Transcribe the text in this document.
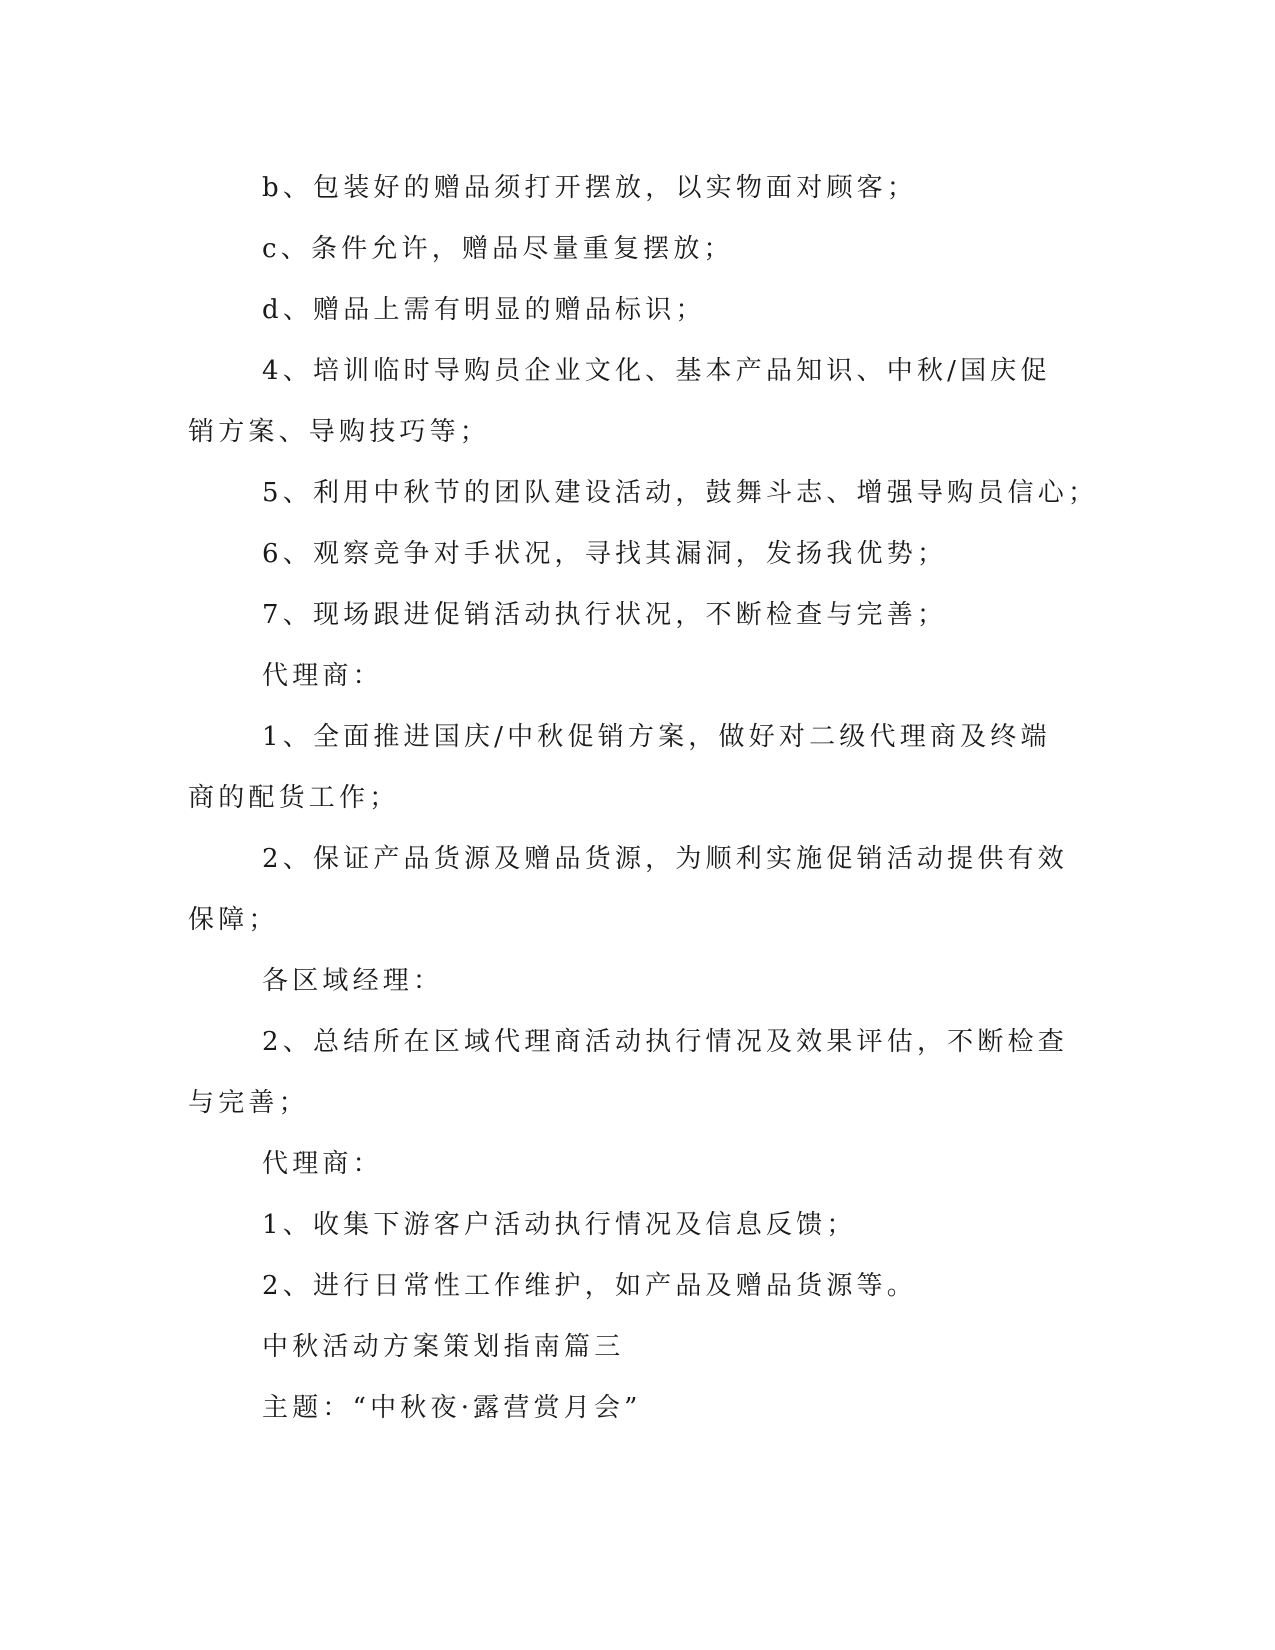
b、包装好的赠品须打开摆放，以实物面对顾客；

c、条件允许，赠品尽量重复摆放；

d、赠品上需有明显的赠品标识；

4、培训临时导购员企业文化、基本产品知识、中秋/国庆促销方案、导购技巧等；

5、利用中秋节的团队建设活动，鼓舞斗志、增强导购员信心；

6、观察竞争对手状况，寻找其漏洞，发扬我优势；

7、现场跟进促销活动执行状况，不断检查与完善；

代理商：

1、全面推进国庆/中秋促销方案，做好对二级代理商及终端商的配货工作；

2、保证产品货源及赠品货源，为顺利实施促销活动提供有效保障；

各区域经理：

2、总结所在区域代理商活动执行情况及效果评估，不断检查与完善；

代理商：

1、收集下游客户活动执行情况及信息反馈；

2、进行日常性工作维护，如产品及赠品货源等。

中秋活动方案策划指南篇三

主题：“中秋夜·露营赏月会”
